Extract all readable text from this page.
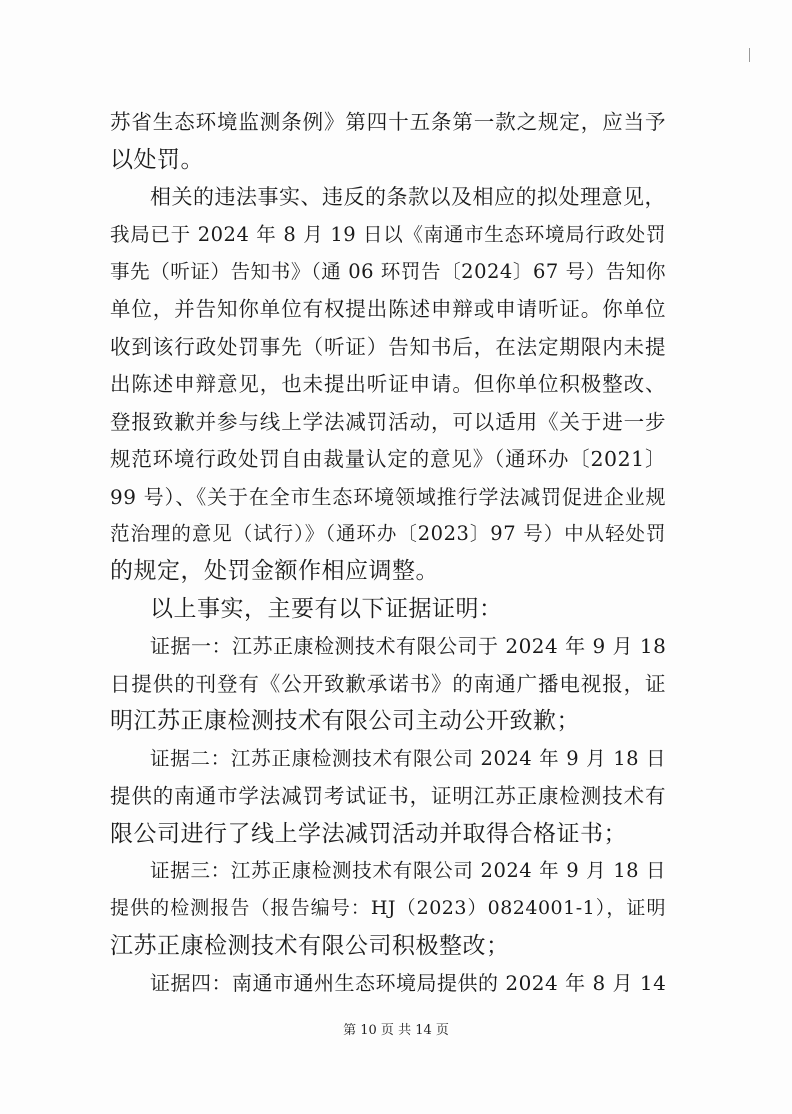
苏省生态环境监测条例》第四十五条第一款之规定，应当予
以处罚。
相关的违法事实、违反的条款以及相应的拟处理意见，
我局已于 2024 年 8 月 19 日以《南通市生态环境局行政处罚
事先（听证）告知书》（通 06 环罚告〔2024〕67 号）告知你
单位，并告知你单位有权提出陈述申辩或申请听证。你单位
收到该行政处罚事先（听证）告知书后，在法定期限内未提
出陈述申辩意见，也未提出听证申请。但你单位积极整改、
登报致歉并参与线上学法减罚活动，可以适用《关于进一步
规范环境行政处罚自由裁量认定的意见》（通环办〔2021〕
99 号）、《关于在全市生态环境领域推行学法减罚促进企业规
范治理的意见（试行）》（通环办〔2023〕97 号）中从轻处罚
的规定，处罚金额作相应调整。
以上事实，主要有以下证据证明：
证据一：江苏正康检测技术有限公司于 2024 年 9 月 18
日提供的刊登有《公开致歉承诺书》的南通广播电视报，证
明江苏正康检测技术有限公司主动公开致歉；
证据二：江苏正康检测技术有限公司 2024 年 9 月 18 日
提供的南通市学法减罚考试证书，证明江苏正康检测技术有
限公司进行了线上学法减罚活动并取得合格证书；
证据三：江苏正康检测技术有限公司 2024 年 9 月 18 日
提供的检测报告（报告编号：HJ（2023）0824001-1），证明
江苏正康检测技术有限公司积极整改；
证据四：南通市通州生态环境局提供的 2024 年 8 月 14
第 10 页 共 14 页
